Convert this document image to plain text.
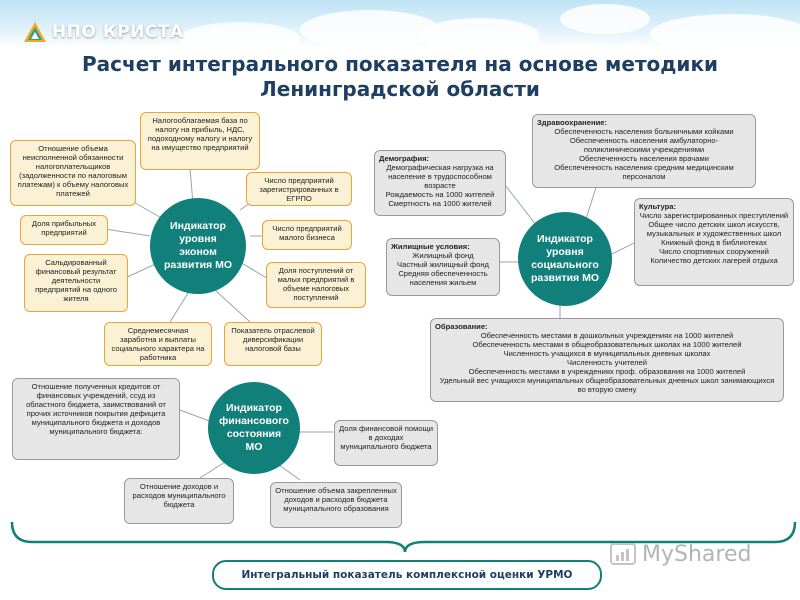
НПО КРИСТА
Расчет интегрального показателя на основе методики Ленинградской области
Индикатор
уровня
эконом
развития МО
Налогооблагаемая база по налогу на прибыль, НДС, подоходному налогу и налогу на имущество предприятий
Отношение объема неисполненной обязанности налогоплательщиков (задолженности по налоговым платежам) к объему налоговых платежей
Число предприятий зарегистрированных в ЕГРПО
Доля прибыльных предприятий	Число предприятий малого бизнеса
Сальдированный финансовый результат деятельности предприятий на одного жителя
Доля поступлений от малых предприятий в объеме налоговых поступлений
Среднемесячная заработна и выплаты социального характера на работника
Показатель отраслевой диверсификации налоговой базы
Индикатор
уровня
социального
развития МО
Здравоохранение:
Обеспеченность населения больничными койками
Обеспеченность населения амбулаторно-поликлиническими учреждениями
Обеспеченность населения врачами
Обеспеченность населения средним медицинским персоналом
Демография:
Демографическая нагрузка на население в трудоспособном возрасте
Рождаемость на 1000 жителей
Смертность на 1000 жителей	Культура:
Число зарегистрированных преступлений
Общее число детских школ искусств, музыкальных и художественных школ
Книжный фонд в библиотеках
Число спортивных сооружений
Количество детских лагерей отдыха
Жилищные условия:
Жилищный фонд
Частный жилищный фонд
Средняя обеспеченность населения жильем
Образование:
Обеспеченность местами в дошкольных учреждениях на 1000 жителей
Обеспеченность местами в общеобразовательных школах на 1000 жителей
Численность учащихся в муниципальных дневных школах
Численность учителей
Обеспеченность местами в учреждениях проф. образования на 1000 жителей
Удельный вес учащихся муниципальных общеобразовательных дневных школ занимающихся во вторую смену
Индикатор
финансового
состояния
МО
Отношение полученных кредитов от финансовых учреждений, ссуд из областного бюджета, заимствований от прочих источников покрытия дефицита муниципального бюджета и доходов муниципального бюджета:	Доля финансовой помощи в доходах муниципального бюджета
Отношение доходов и расходов муниципального бюджета
Отношение объема закрепленных доходов и расходов бюджета муниципального образования
Интегральный показатель комплексной оценки УРМО
MyShared
